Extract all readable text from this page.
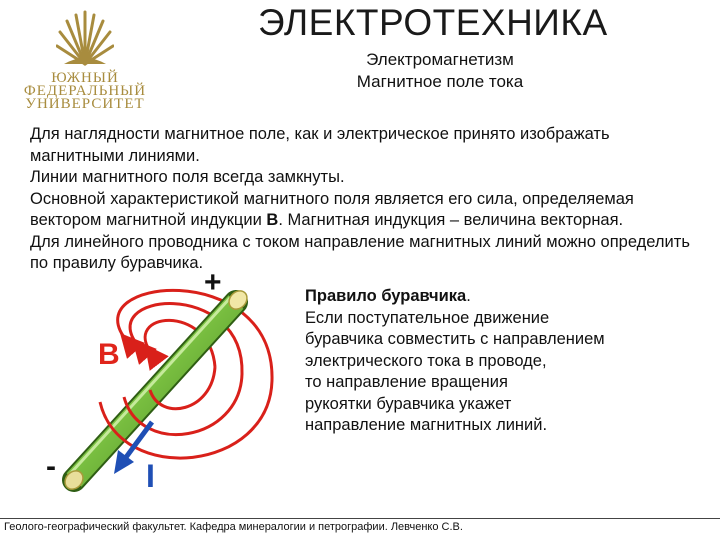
ЮЖНЫЙ
ФЕДЕРАЛЬНЫЙ
УНИВЕРСИТЕТ
ЭЛЕКТРОТЕХНИКА
Электромагнетизм
Магнитное поле тока

Для наглядности магнитное поле, как и электрическое принято изображать магнитными линиями.

Линии магнитного поля всегда замкнуты.

Основной характеристикой магнитного поля является его сила, определяемая вектором магнитной индукции В. Магнитная индукция – величина векторная.

Для линейного проводника с током направление магнитных линий можно определить по правилу буравчика.

+
-
В
I

Правило буравчика.

Если поступательное движение

буравчика совместить с направлением

электрического тока в проводе,

то направление вращения

рукоятки буравчика укажет

направление магнитных линий.

Геолого-географический факультет. Кафедра минералогии и петрографии. Левченко С.В.
